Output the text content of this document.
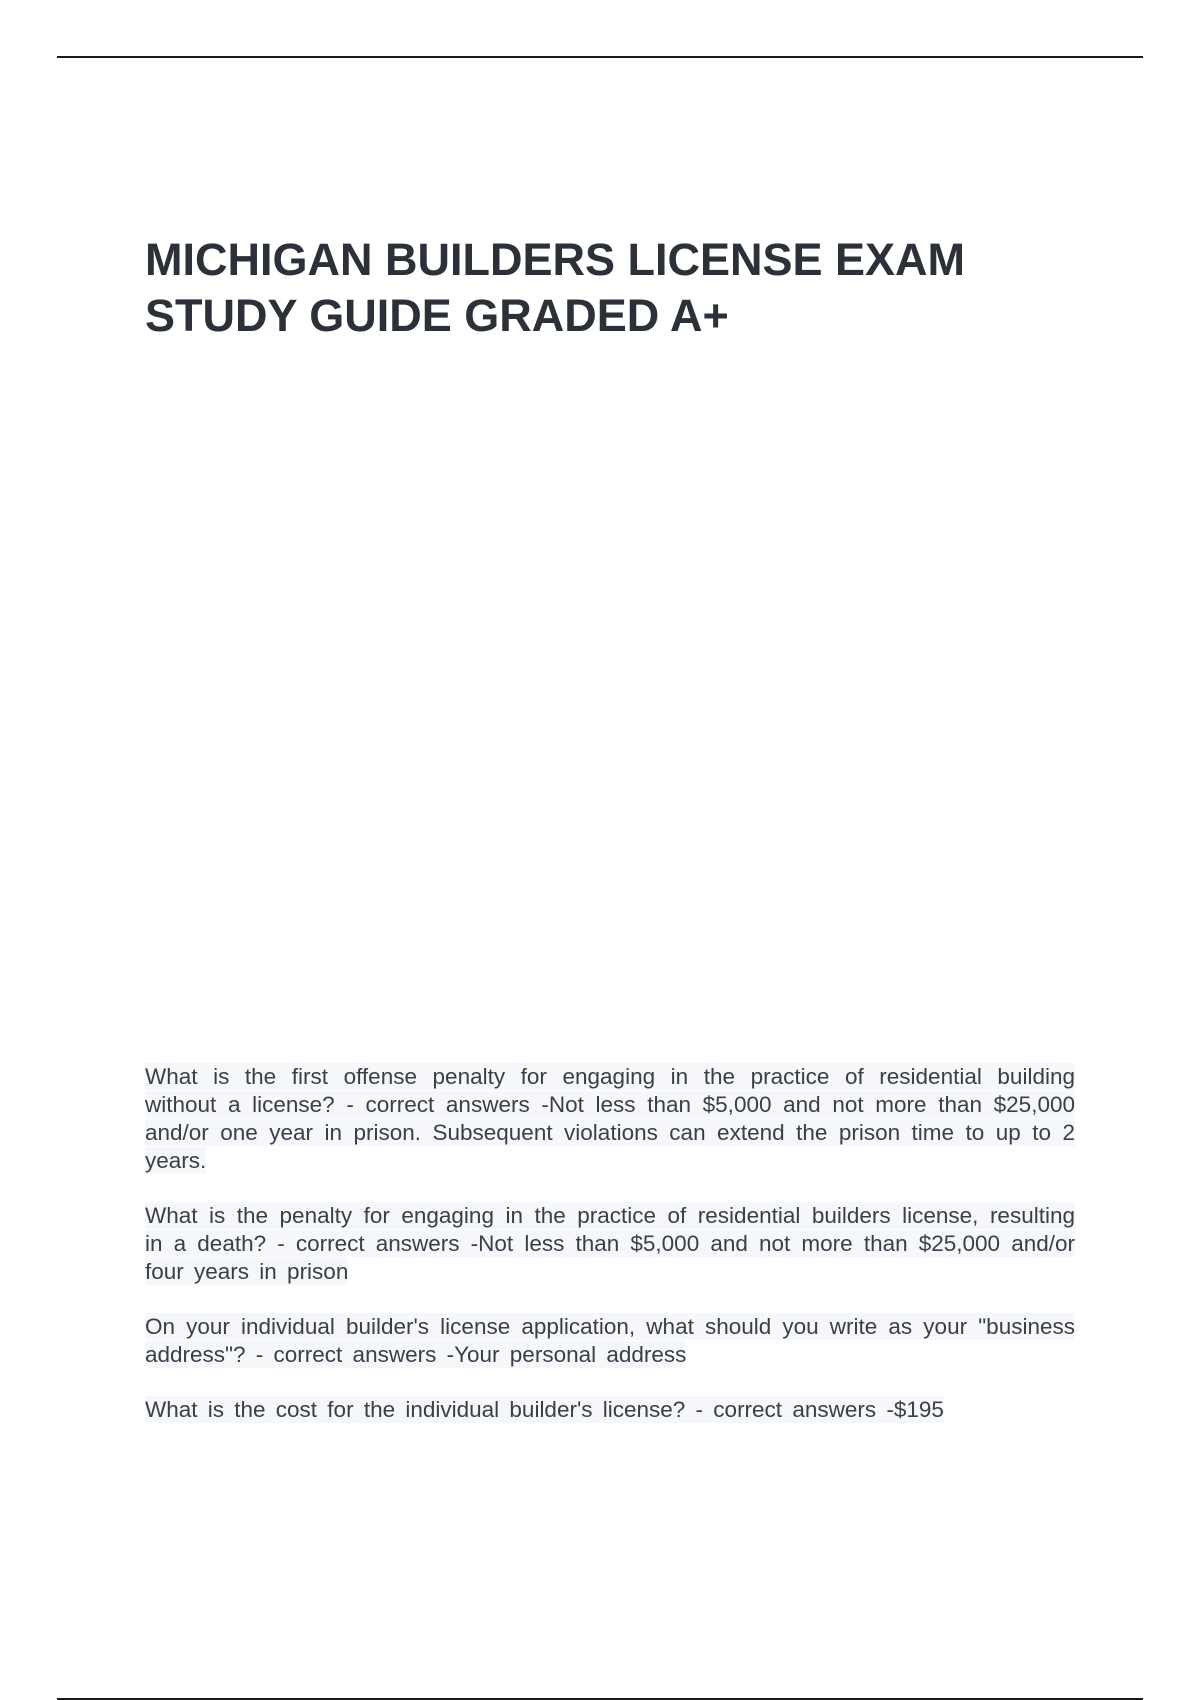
MICHIGAN BUILDERS LICENSE EXAM STUDY GUIDE GRADED A+

What is the first offense penalty for engaging in the practice of residential building without a license? - correct answers -Not less than $5,000 and not more than $25,000 and/or one year in prison. Subsequent violations can extend the prison time to up to 2 years.

What is the penalty for engaging in the practice of residential builders license, resulting in a death? - correct answers -Not less than $5,000 and not more than $25,000 and/or four years in prison

On your individual builder's license application, what should you write as your "business address"? - correct answers -Your personal address

What is the cost for the individual builder's license? - correct answers -$195
